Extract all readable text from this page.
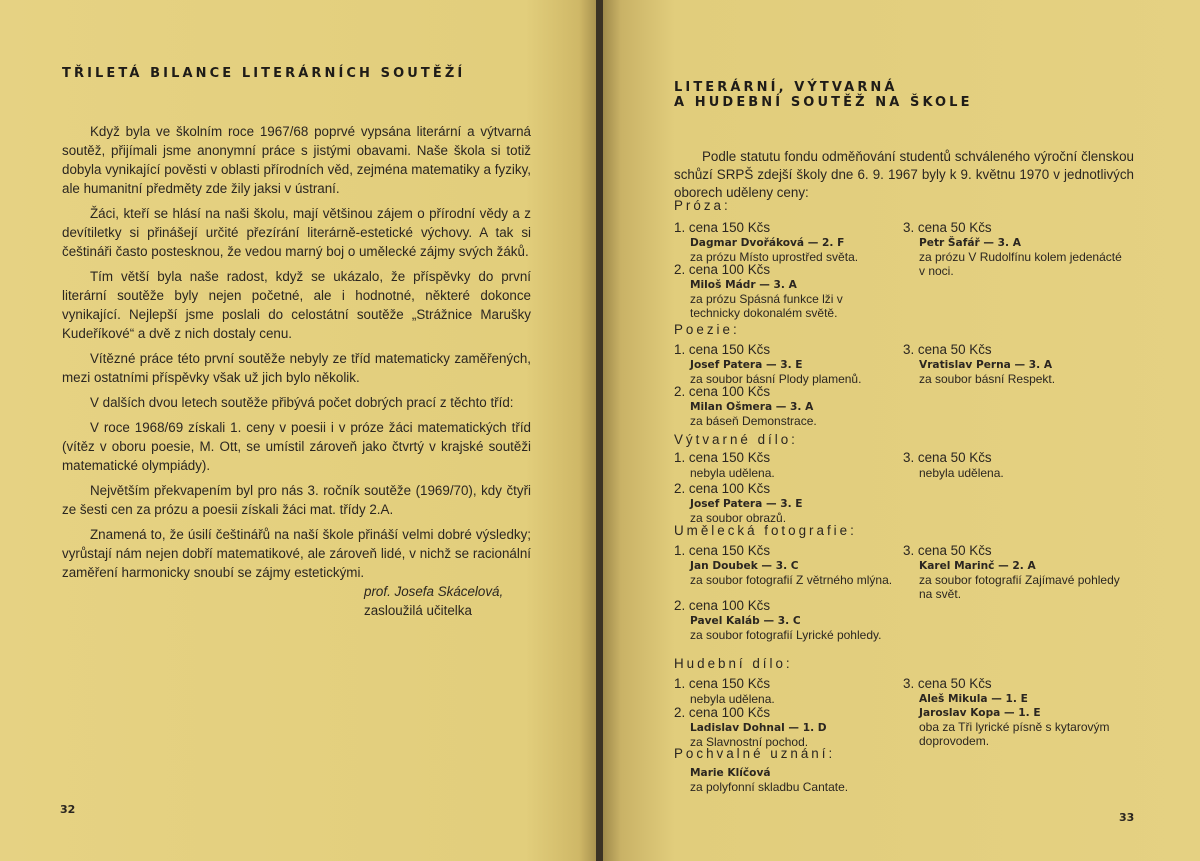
TŘILETÁ BILANCE LITERÁRNÍCH SOUTĚŽÍ

Když byla ve školním roce 1967/68 poprvé vypsána literární a výtvarná soutěž, přijímali jsme anonymní práce s jistými obavami. Naše škola si totiž dobyla vynikající pověsti v oblasti přírodních věd, zejména matematiky a fyziky, ale humanitní předměty zde žily jaksi v ústraní.

Žáci, kteří se hlásí na naši školu, mají většinou zájem o přírodní vědy a z devítiletky si přinášejí určité přezírání literárně-estetické výchovy. A tak si češtináři často postesknou, že vedou marný boj o umělecké zájmy svých žáků.

Tím větší byla naše radost, když se ukázalo, že příspěvky do první literární soutěže byly nejen početné, ale i hodnotné, některé dokonce vynikající. Nejlepší jsme poslali do celostátní soutěže „Strážnice Marušky Kudeříkové“ a dvě z nich dostaly cenu.

Vítězné práce této první soutěže nebyly ze tříd matematicky zaměřených, mezi ostatními příspěvky však už jich bylo několik.

V dalších dvou letech soutěže přibývá počet dobrých prací z těchto tříd:

V roce 1968/69 získali 1. ceny v poesii i v próze žáci matematických tříd (vítěz v oboru poesie, M. Ott, se umístil zároveň jako čtvrtý v krajské soutěži matematické olympiády).

Největším překvapením byl pro nás 3. ročník soutěže (1969/70), kdy čtyři ze šesti cen za prózu a poesii získali žáci mat. třídy 2.A.

Znamená to, že úsilí češtinářů na naší škole přináší velmi dobré výsledky; vyrůstají nám nejen dobří matematikové, ale zároveň lidé, v nichž se racionální zaměření harmonicky snoubí se zájmy estetickými.

prof. Josefa Skácelová,
zasloužilá učitelka
32
LITERÁRNÍ, VÝTVARNÁ
A HUDEBNÍ SOUTĚŽ NA ŠKOLE

Podle statutu fondu odměňování studentů schváleného výroční členskou schůzí SRPŠ zdejší školy dne 6. 9. 1967 byly k 9. květnu 1970 v jednotlivých oborech uděleny ceny:

Próza:
1. cena 150 Kčs
Dagmar Dvořáková — 2. F
za prózu Místo uprostřed světa.
2. cena 100 Kčs
Miloš Mádr — 3. A
za prózu Spásná funkce lži v technicky dokonalém světě.
3. cena 50 Kčs
Petr Šafář — 3. A
za prózu V Rudolfínu kolem jedenácté v noci.
Poezie:
1. cena 150 Kčs
Josef Patera — 3. E
za soubor básní Plody plamenů.
2. cena 100 Kčs
Milan Ošmera — 3. A
za báseň Demonstrace.
3. cena 50 Kčs
Vratislav Perna — 3. A
za soubor básní Respekt.
Výtvarné dílo:
1. cena 150 Kčs
nebyla udělena.
2. cena 100 Kčs
Josef Patera — 3. E
za soubor obrazů.
3. cena 50 Kčs
nebyla udělena.
Umělecká fotografie:
1. cena 150 Kčs
Jan Doubek — 3. C
za soubor fotografií Z větrného mlýna.
2. cena 100 Kčs
Pavel Kaláb — 3. C
za soubor fotografií Lyrické pohledy.
3. cena 50 Kčs
Karel Marinč — 2. A
za soubor fotografií Zajímavé pohledy na svět.
Hudební dílo:
1. cena 150 Kčs
nebyla udělena.
2. cena 100 Kčs
Ladislav Dohnal — 1. D
za Slavnostní pochod.
3. cena 50 Kčs
Aleš Mikula — 1. E
Jaroslav Kopa — 1. E
oba za Tři lyrické písně s kytarovým doprovodem.
Pochvalné uznání:
Marie Klíčová
za polyfonní skladbu Cantate.
33
